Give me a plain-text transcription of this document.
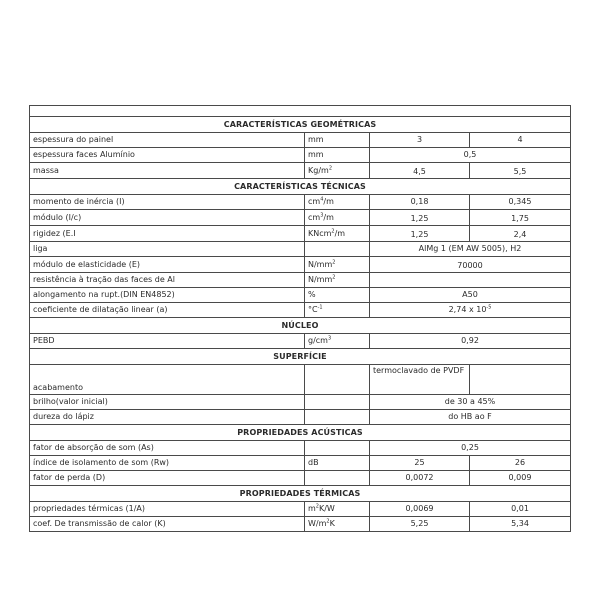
CARACTERÍSTICAS GEOMÉTRICAS			
espessura do painel	mm	3	4
espessura faces Alumínio	mm	0,5	
massa	$Kg/m^2$	4,5	5,5
CARACTERÍSTICAS TÉCNICAS			
momento de inércia (I)	$cm^4/m$	0,18	0,345
módulo (I/c)	$cm^3/m$	1,25	1,75
rigidez (E.I	KNcm$^2$/m	1,25	2,4
liga		AlMg 1 (EM AW 5005), H2	
módulo de elasticidade (E)	$N/mm^2$	70000	
resistência à tração das faces de Al	$N/mm^2$	
alongamento na rupt.(DIN EN4852)	%	A50	
coeficiente de dilatação linear (a)	$^\circ C^{-1}$	2,74 x $10^{-5}$
NÚCLEO			
PEBD	$g/cm^3$	0,92	
SUPERFÍCIE			
acabamento		termoclavado de PVDF	
brilho(valor inicial)		de 30 a 45%	
dureza do lápiz		do HB ao F	
PROPRIEDADES ACÚSTICAS			
fator de absorção de som (As)		0,25	
índice de isolamento de som (Rw)	dB	25	26
fator de perda (D)		0,0072	0,009
PROPRIEDADES TÉRMICAS			
propriedades térmicas (1/A)	$m^2K/W$	0,0069	0,01
coef. De transmissão de calor (K)	$W/m^2K$	5,25	5,34
